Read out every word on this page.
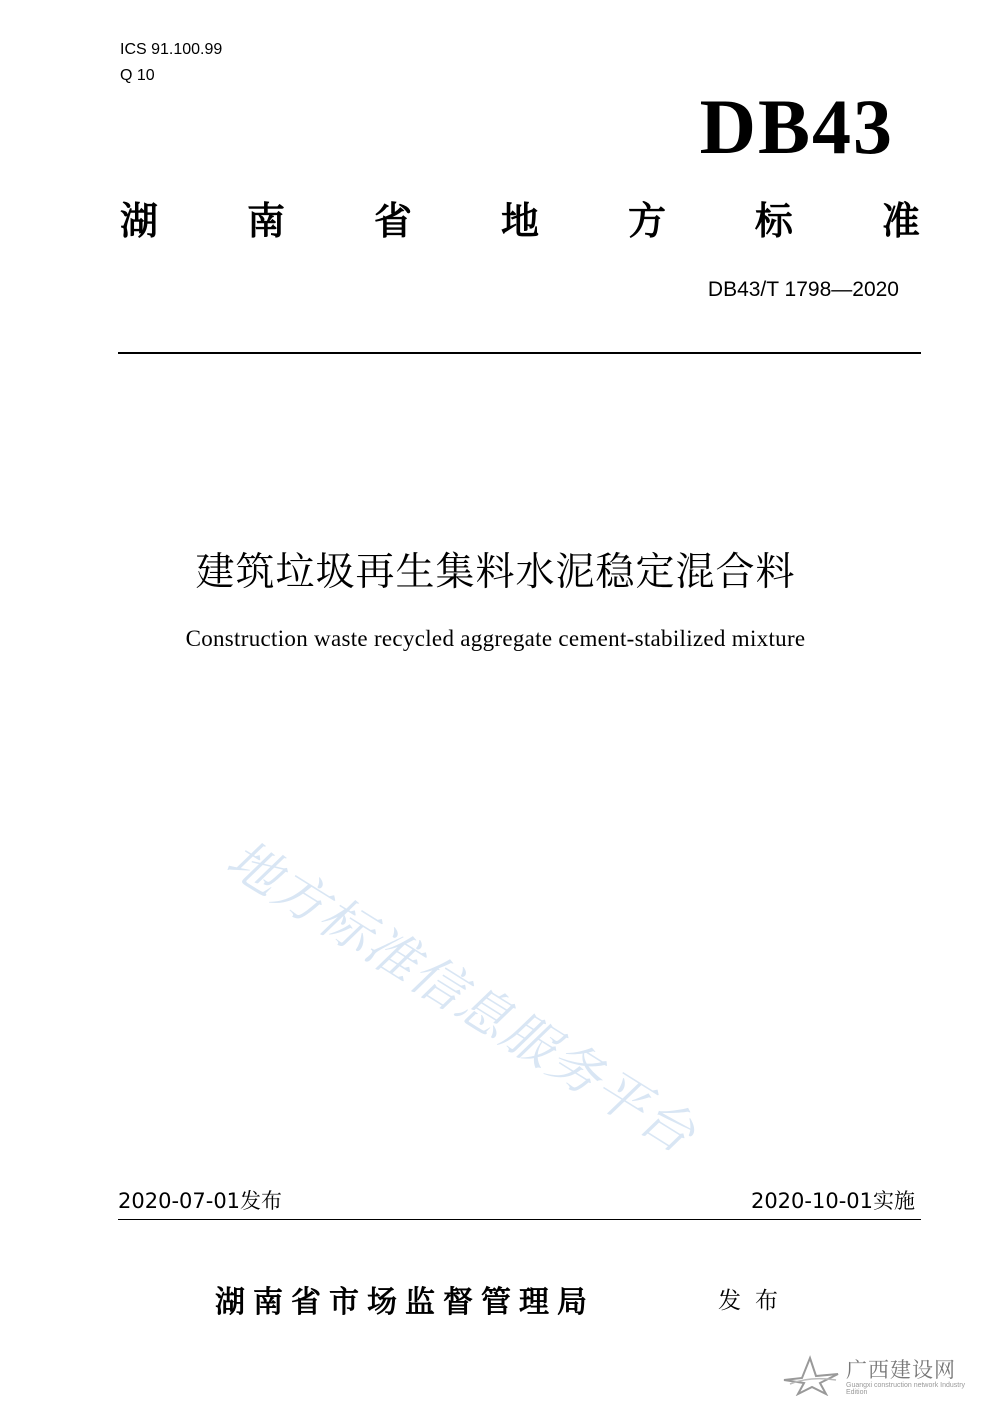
ICS 91.100.99
Q 10
DB43
湖 南 省 地 方 标 准
DB43/T 1798—2020
建筑垃圾再生集料水泥稳定混合料
Construction waste recycled aggregate cement-stabilized mixture
地方标准信息服务平台
2020-07-01发布	2020-10-01实施
湖南省市场监督管理局	发布
广西建设网
Guangxi construction network Industry Edition
